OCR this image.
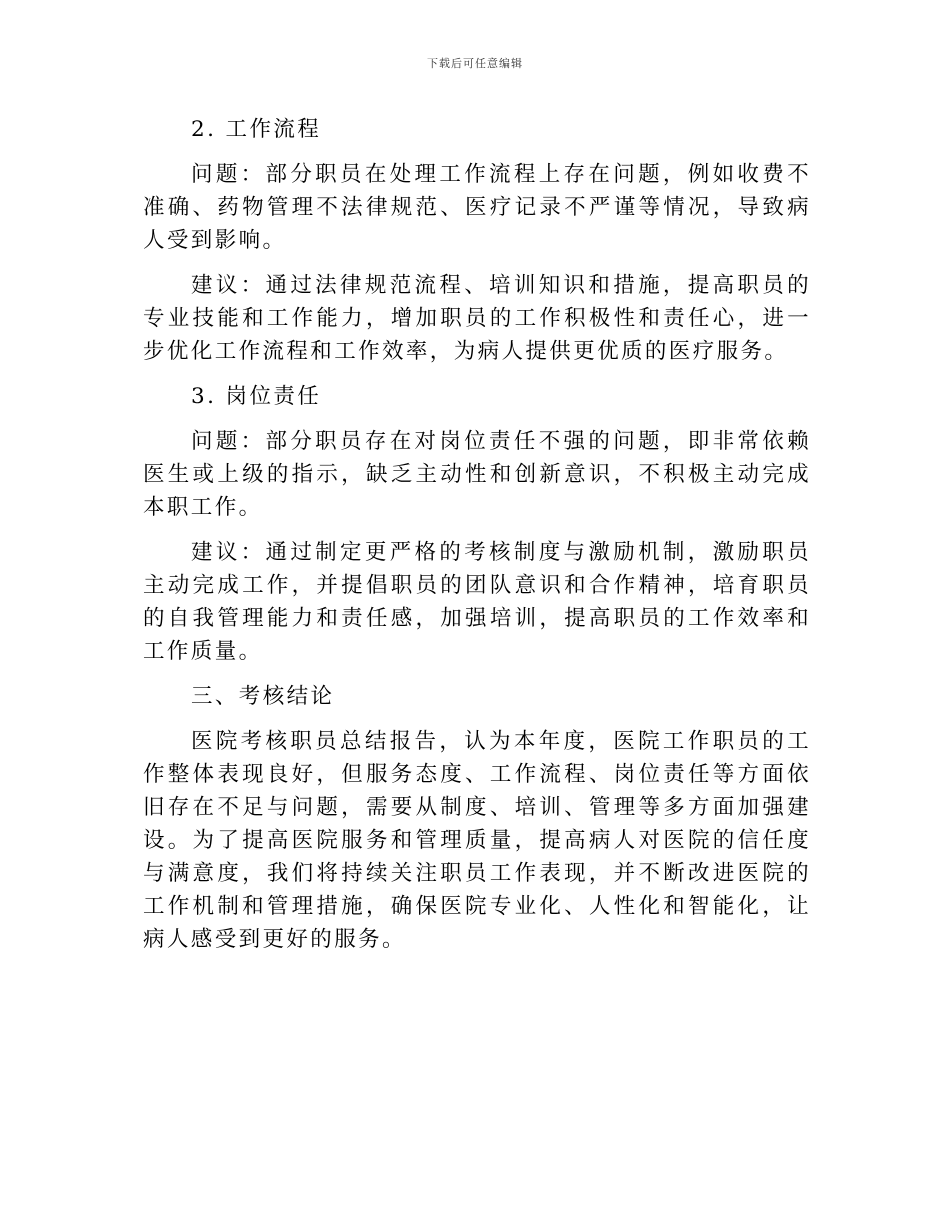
下载后可任意编辑
2. 工作流程

问题：部分职员在处理工作流程上存在问题，例如收费不准确、药物管理不法律规范、医疗记录不严谨等情况，导致病人受到影响。

建议：通过法律规范流程、培训知识和措施，提高职员的专业技能和工作能力，增加职员的工作积极性和责任心，进一步优化工作流程和工作效率，为病人提供更优质的医疗服务。

3. 岗位责任

问题：部分职员存在对岗位责任不强的问题，即非常依赖医生或上级的指示，缺乏主动性和创新意识，不积极主动完成本职工作。

建议：通过制定更严格的考核制度与激励机制，激励职员主动完成工作，并提倡职员的团队意识和合作精神，培育职员的自我管理能力和责任感，加强培训，提高职员的工作效率和工作质量。

三、考核结论

医院考核职员总结报告，认为本年度，医院工作职员的工作整体表现良好，但服务态度、工作流程、岗位责任等方面依旧存在不足与问题，需要从制度、培训、管理等多方面加强建设。为了提高医院服务和管理质量，提高病人对医院的信任度与满意度，我们将持续关注职员工作表现，并不断改进医院的工作机制和管理措施，确保医院专业化、人性化和智能化，让病人感受到更好的服务。
